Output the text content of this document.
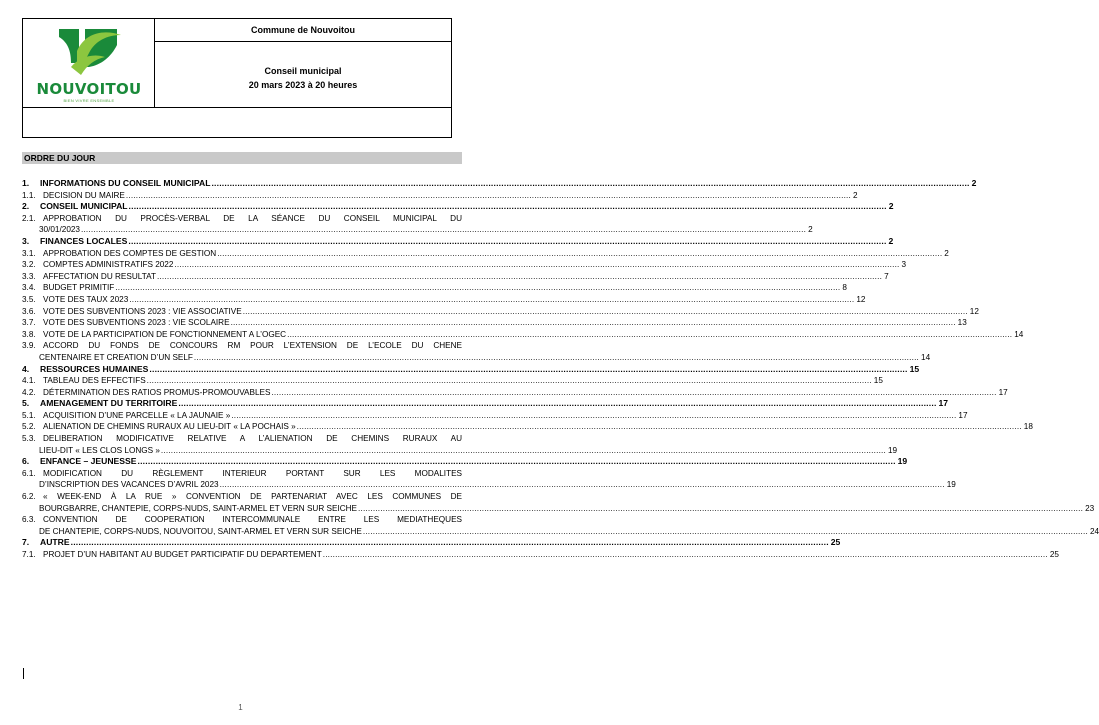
NOUVOITOU
BIEN VIVRE ENSEMBLE
Commune de Nouvoitou
Conseil municipal
20 mars 2023 à 20 heures
ORDRE DU JOUR
1.	INFORMATIONS DU CONSEIL MUNICIPAL .....	2
1.1. DECISION DU MAIRE .....	2
2.	CONSEIL MUNICIPAL .....	2
2.1. APPROBATION DU PROCÈS-VERBAL DE LA SÉANCE DU CONSEIL MUNICIPAL DU
30/01/2023 .....	2
3.	FINANCES LOCALES .....	2
3.1. APPROBATION DES COMPTES DE GESTION .....	2
3.2. COMPTES ADMINISTRATIFS 2022 .....	3
3.3. AFFECTATION DU RESULTAT .....	7
3.4. BUDGET PRIMITIF .....	8
3.5. VOTE DES TAUX 2023 .....	12
3.6. VOTE DES SUBVENTIONS 2023 : VIE ASSOCIATIVE .....	12
3.7. VOTE DES SUBVENTIONS 2023 : VIE SCOLAIRE .....	13
3.8. VOTE DE LA PARTICIPATION DE FONCTIONNEMENT A L’OGEC .....	14
3.9. ACCORD DU FONDS DE CONCOURS RM POUR L’EXTENSION DE L’ECOLE DU CHENE
CENTENAIRE ET CREATION D’UN SELF .....	14
4.	RESSOURCES HUMAINES .....	15
4.1. TABLEAU DES EFFECTIFS .....	15
4.2. DÉTERMINATION DES RATIOS PROMUS-PROMOUVABLES .....	17
5.	AMENAGEMENT DU TERRITOIRE .....	17
5.1. ACQUISITION D’UNE PARCELLE « LA JAUNAIE » .....	17
5.2. ALIENATION DE CHEMINS RURAUX AU LIEU-DIT « LA POCHAIS » .....	18
5.3. DELIBERATION MODIFICATIVE RELATIVE A L’ALIENATION DE CHEMINS RURAUX AU
LIEU-DIT « LES CLOS LONGS » .....	19
6.	ENFANCE – JEUNESSE .....	19
6.1. MODIFICATION DU RÈGLEMENT INTERIEUR PORTANT SUR LES MODALITES
D’INSCRIPTION DES VACANCES D’AVRIL 2023 .....	19
6.2. « WEEK-END À LA RUE » CONVENTION DE PARTENARIAT AVEC LES COMMUNES DE
BOURGBARRE, CHANTEPIE, CORPS-NUDS, SAINT-ARMEL ET VERN SUR SEICHE .....	23
6.3. CONVENTION DE COOPERATION INTERCOMMUNALE ENTRE LES MEDIATHEQUES
DE CHANTEPIE, CORPS-NUDS, NOUVOITOU, SAINT-ARMEL ET VERN SUR SEICHE .....	24
7.	AUTRE .....	25
7.1. PROJET D’UN HABITANT AU BUDGET PARTICIPATIF DU DEPARTEMENT .....	25
1
